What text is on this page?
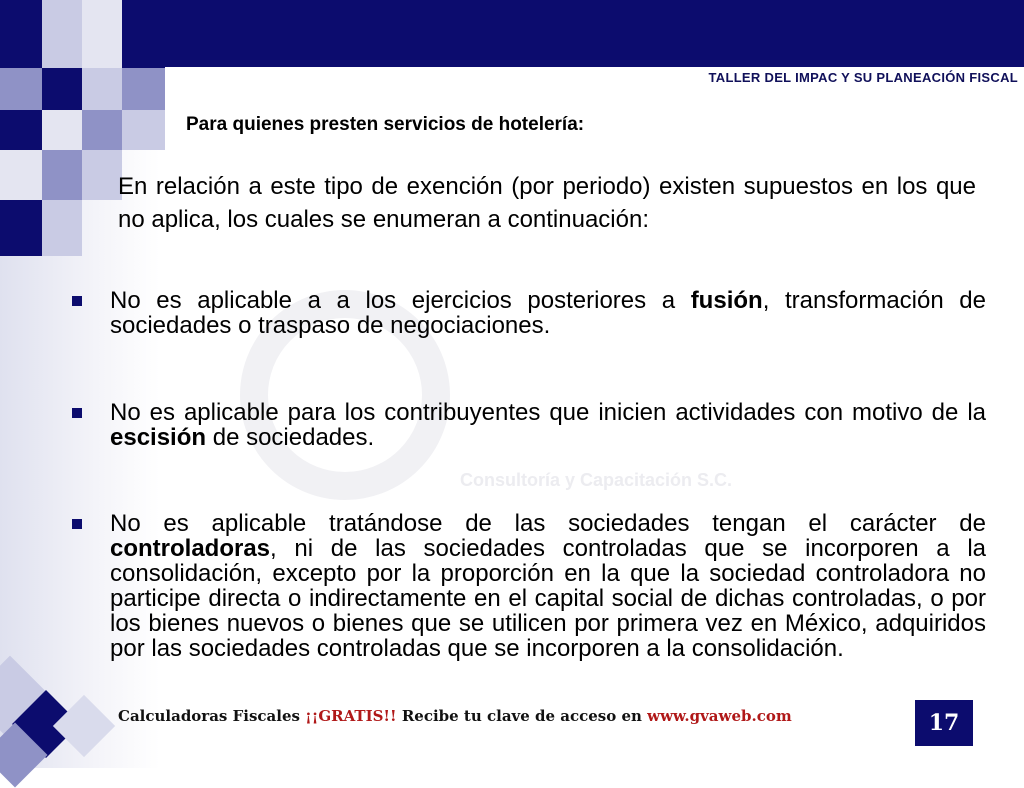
TALLER DEL IMPAC Y SU PLANEACIÓN FISCAL
Consultoría y Capacitación S.C.
Para quienes presten servicios de hotelería:

En relación a este tipo de exención (por periodo) existen supuestos en los que no aplica, los cuales se enumeran a continuación:

No es aplicable a a los ejercicios posteriores a fusión, transformación de sociedades o traspaso de negociaciones.
No es aplicable para los contribuyentes que inicien actividades con motivo de la escisión de sociedades.
No es aplicable tratándose de las sociedades tengan el carácter de controladoras, ni de las sociedades controladas que se incorporen a la consolidación, excepto por la proporción en la que la sociedad controladora no participe directa o indirectamente en el capital social de dichas controladas, o por los bienes nuevos o bienes que se utilicen por primera vez en México, adquiridos por las sociedades controladas que se incorporen a la consolidación.
Calculadoras Fiscales ¡¡GRATIS!! Recibe tu clave de acceso en www.gvaweb.com	17
